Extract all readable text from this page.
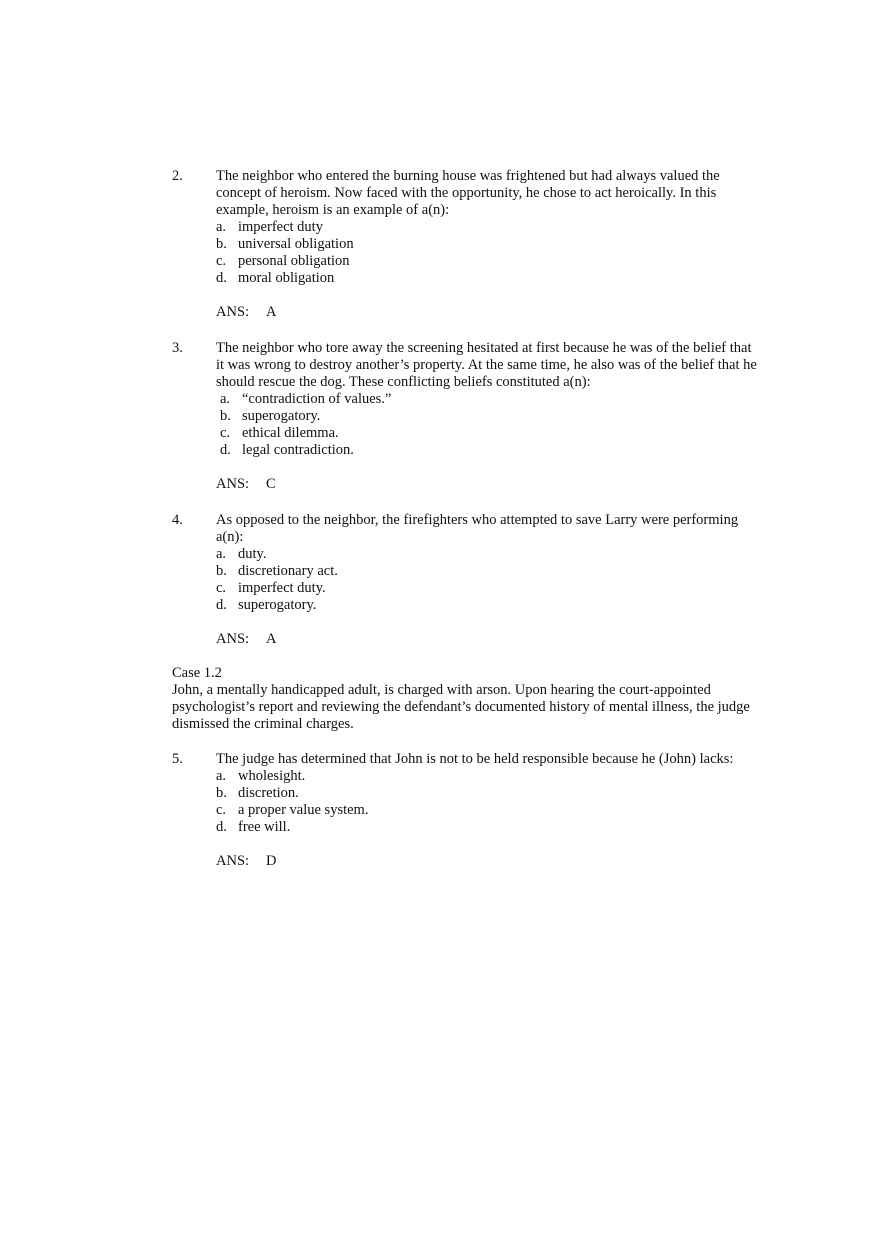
2. The neighbor who entered the burning house was frightened but had always valued the concept of heroism. Now faced with the opportunity, he chose to act heroically. In this example, heroism is an example of a(n):

a. imperfect duty
b. universal obligation
c. personal obligation
d. moral obligation
ANS: A
3. The neighbor who tore away the screening hesitated at first because he was of the belief that it was wrong to destroy another’s property. At the same time, he also was of the belief that he should rescue the dog. These conflicting beliefs constituted a(n):

a. “contradiction of values.”
b. superogatory.
c. ethical dilemma.
d. legal contradiction.
ANS: C
4. As opposed to the neighbor, the firefighters who attempted to save Larry were performing a(n):

a. duty.
b. discretionary act.
c. imperfect duty.
d. superogatory.
ANS: A

Case 1.2

John, a mentally handicapped adult, is charged with arson. Upon hearing the court-appointed psychologist’s report and reviewing the defendant’s documented history of mental illness, the judge dismissed the criminal charges.

5. The judge has determined that John is not to be held responsible because he (John) lacks:

a. wholesight.
b. discretion.
c. a proper value system.
d. free will.
ANS: D
